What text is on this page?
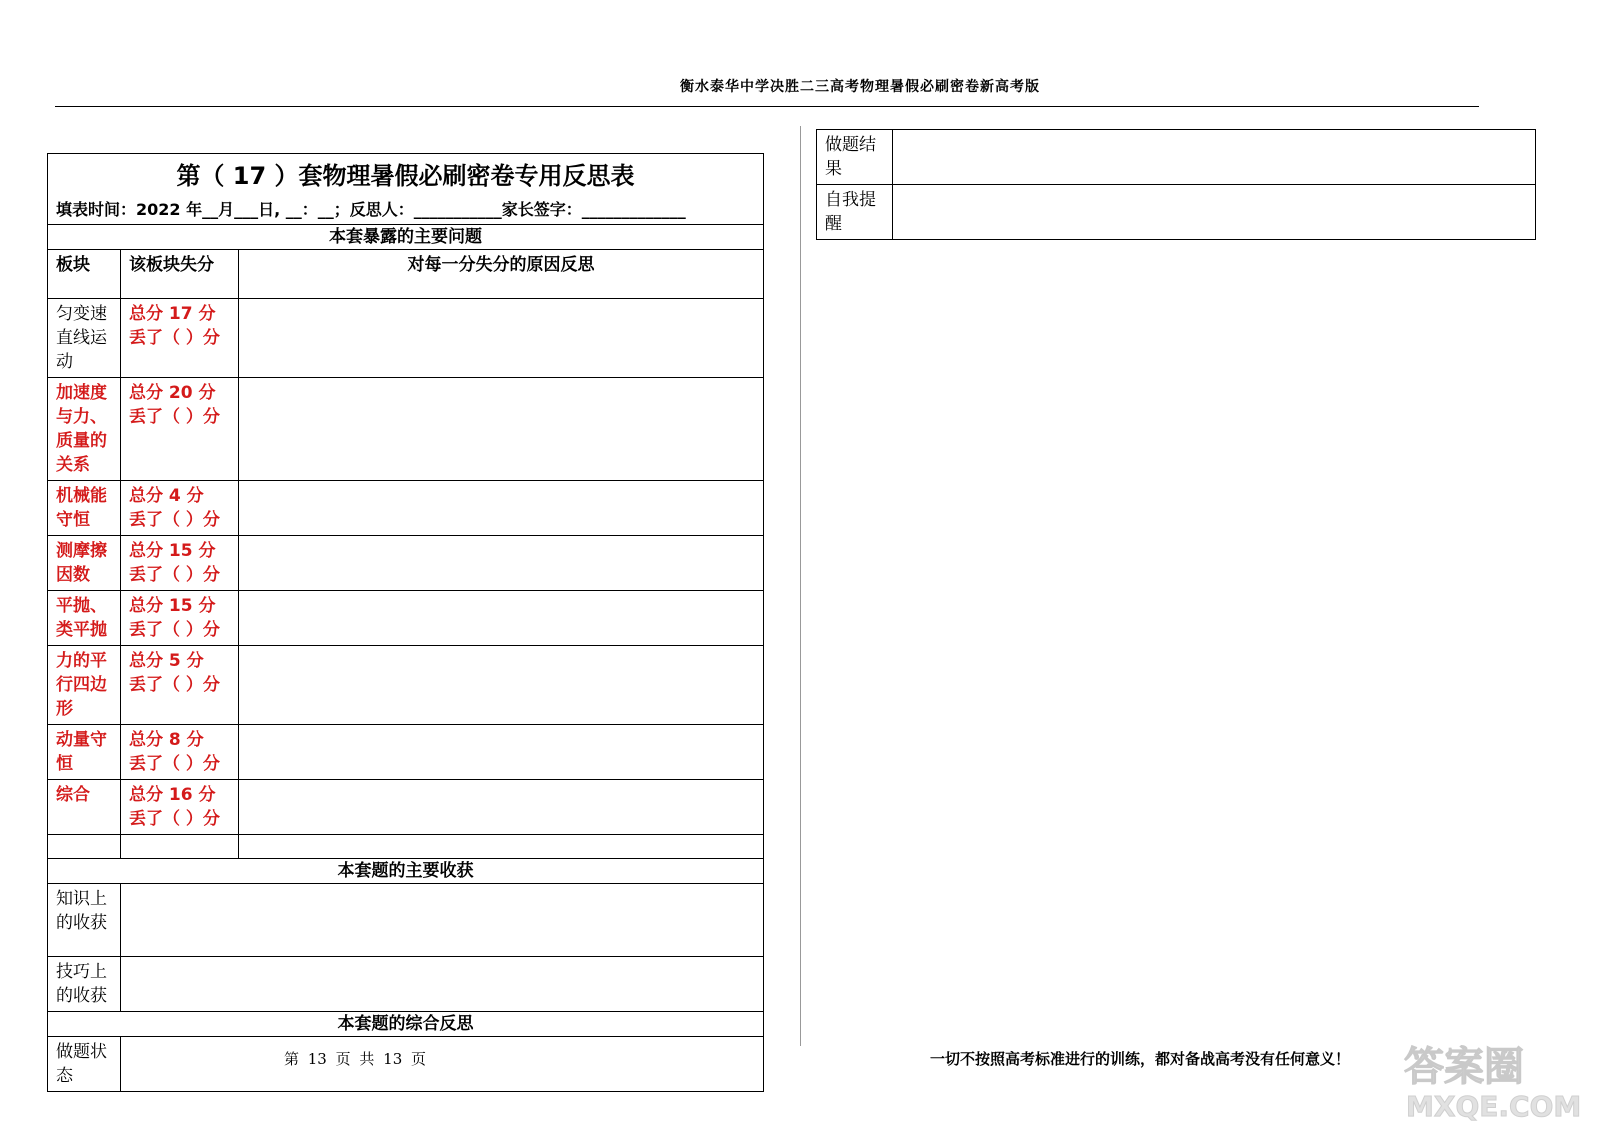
衡水泰华中学决胜二三高考物理暑假必刷密卷新高考版
第（ 17 ）套物理暑假必刷密卷专用反思表		
填表时间：2022 年__月___日, __：__；反思人：___________家长签字：_____________		
本套暴露的主要问题		
板块	该板块失分	对每一分失分的原因反思
匀变速直线运动	总分 17 分
丢了（ ）分	

加速度与力、质量的关系	总分 20 分
丢了（ ）分	

机械能守恒	总分 4 分
丢了（ ）分	

测摩擦因数	总分 15 分
丢了（ ）分	

平抛、类平抛	总分 15 分
丢了（ ）分	

力的平行四边形	总分 5 分
丢了（ ）分	

动量守恒	总分 8 分
丢了（ ）分	

综合	总分 16 分
丢了（ ）分	

本套题的主要收获		
知识上的收获		
技巧上的收获		
本套题的综合反思		
做题状态		
做题结果	
自我提醒	
第 13 页 共 13 页	一切不按照高考标准进行的训练，都对备战高考没有任何意义！ 答案圈
MXQE.COM
